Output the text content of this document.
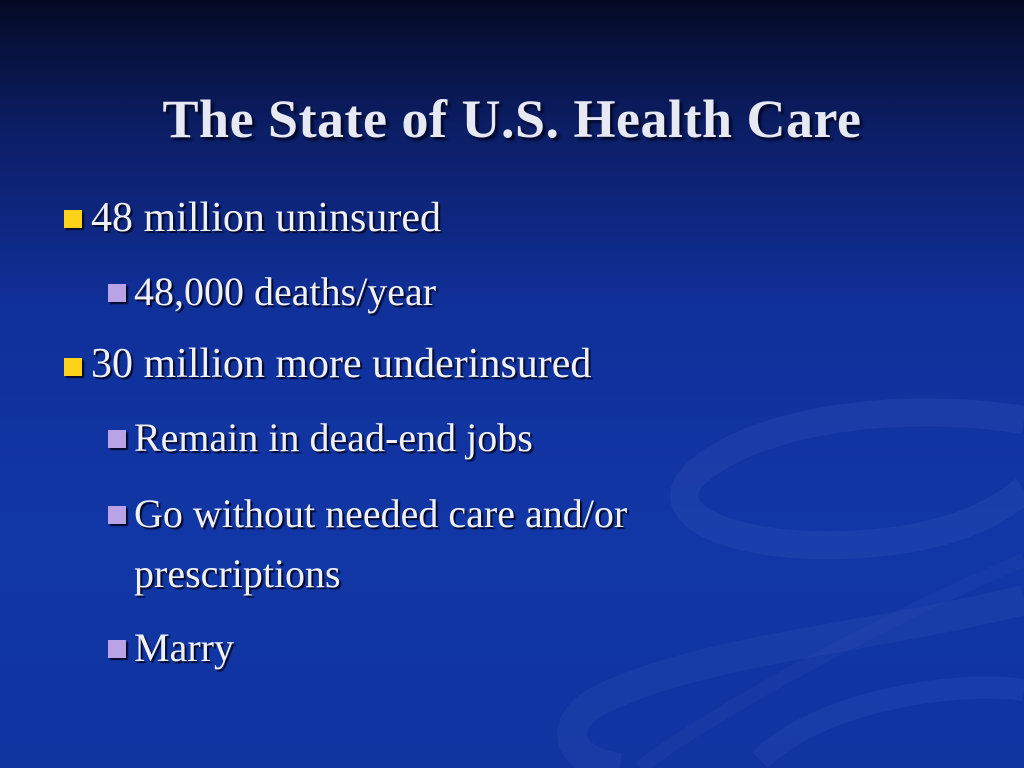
The State of U.S. Health Care
48 million uninsured
48,000 deaths/year
30 million more underinsured
Remain in dead-end jobs
Go without needed care and/or
prescriptions
Marry
